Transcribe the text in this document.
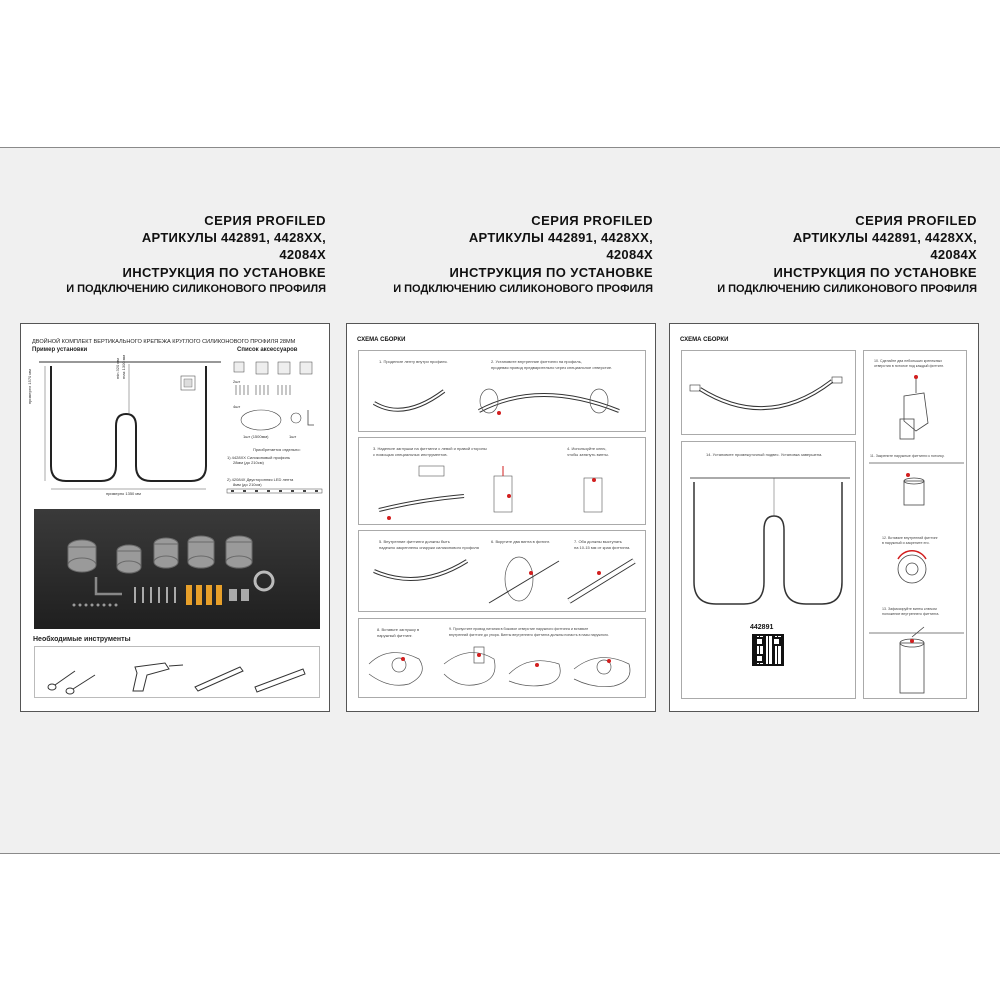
СЕРИЯ PROFILED
АРТИКУЛЫ 442891, 4428XX,
42084X
ИНСТРУКЦИЯ ПО УСТАНОВКЕ
И ПОДКЛЮЧЕНИЮ СИЛИКОНОВОГО ПРОФИЛЯ
СЕРИЯ PROFILED
АРТИКУЛЫ 442891, 4428XX,
42084X
ИНСТРУКЦИЯ ПО УСТАНОВКЕ
И ПОДКЛЮЧЕНИЮ СИЛИКОНОВОГО ПРОФИЛЯ
СЕРИЯ PROFILED
АРТИКУЛЫ 442891, 4428XX,
42084X
ИНСТРУКЦИЯ ПО УСТАНОВКЕ
И ПОДКЛЮЧЕНИЮ СИЛИКОНОВОГО ПРОФИЛЯ
ДВОЙНОЙ КОМПЛЕКТ ВЕРТИКАЛЬНОГО КРЕПЕЖА КРУГЛОГО СИЛИКОНОВОГО ПРОФИЛЯ 28ММ
Пример установки	Список аксессуаров
примерно 1570 мм
max 1300 мм
min 320 мм
примерно 1350 мм
2шт
4шт
1шт (1500мм)	1шт
Приобретается отдельно:
1) 4428XX Силиконовый профиль
28мм (до 210см)
2) 42084X Двусторонняя LED лента
8мм (до 210см)
Необходимые инструменты
СХЕМА СБОРКИ
1. Проденьте ленту внутри профиля.	2. Установите внутренние фиттинги на профиль,
продевая провод предварительно через специальное отверстие.
3. Наденьте заглушки на фиттинги с левой и правой стороны
с помощью специальных инструментов.
4. Используйте ключ,
чтобы затянуть винты.
5. Внутренние фиттинги должны быть
надежно закреплены снаружи силиконового профиля
6. Вкрутите два винта в фитинг.	7. Оба должны выступать
на 10-15 мм от края фиттинга.
8. Вставьте заглушку в
наружный фиттинг.
9. Пропустите провод питания в боковое отверстие наружного фиттинга и вставьте
внутренний фиттинг до упора. Винты внутреннего фиттинга должны попасть в пазы наружного.
СХЕМА СБОРКИ
14. Установите промежуточный подвес. Установка завершена.
442891
10. Сделайте два небольших крепежных
отверстия в потолке под каждый фиттинг.
11. Закрепите наружные фиттинги к потолку.
12. Вставьте внутренний фиттинг
в наружный и закрепите его.
13. Зафиксируйте винты ключом
положение внутреннего фиттинга.
